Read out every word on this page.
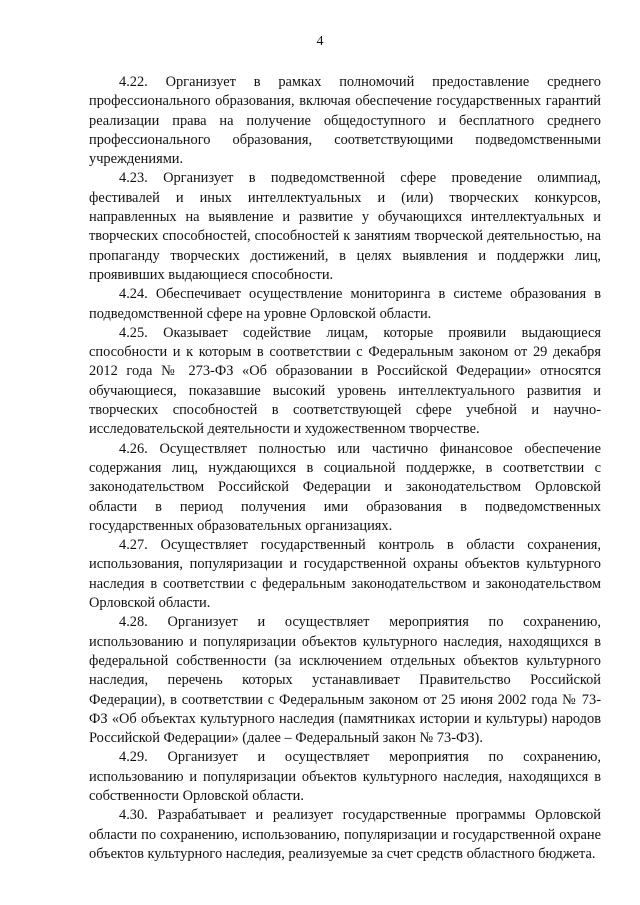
4

4.22. Организует в рамках полномочий предоставление среднего профессионального образования, включая обеспечение государственных гарантий реализации права на получение общедоступного и бесплатного среднего профессионального образования, соответствующими подведомственными учреждениями.

4.23. Организует в подведомственной сфере проведение олимпиад, фестивалей и иных интеллектуальных и (или) творческих конкурсов, направленных на выявление и развитие у обучающихся интеллектуальных и творческих способностей, способностей к занятиям творческой деятельностью, на пропаганду творческих достижений, в целях выявления и поддержки лиц, проявивших выдающиеся способности.

4.24. Обеспечивает осуществление мониторинга в системе образования в подведомственной сфере на уровне Орловской области.

4.25. Оказывает содействие лицам, которые проявили выдающиеся способности и к которым в соответствии с Федеральным законом от 29 декабря 2012 года № 273-ФЗ «Об образовании в Российской Федерации» относятся обучающиеся, показавшие высокий уровень интеллектуального развития и творческих способностей в соответствующей сфере учебной и научно-исследовательской деятельности и художественном творчестве.

4.26. Осуществляет полностью или частично финансовое обеспечение содержания лиц, нуждающихся в социальной поддержке, в соответствии с законодательством Российской Федерации и законодательством Орловской области в период получения ими образования в подведомственных государственных образовательных организациях.

4.27. Осуществляет государственный контроль в области сохранения, использования, популяризации и государственной охраны объектов культурного наследия в соответствии с федеральным законодательством и законодательством Орловской области.

4.28. Организует и осуществляет мероприятия по сохранению, использованию и популяризации объектов культурного наследия, находящихся в федеральной собственности (за исключением отдельных объектов культурного наследия, перечень которых устанавливает Правительство Российской Федерации), в соответствии с Федеральным законом от 25 июня 2002 года № 73-ФЗ «Об объектах культурного наследия (памятниках истории и культуры) народов Российской Федерации» (далее – Федеральный закон № 73-ФЗ).

4.29. Организует и осуществляет мероприятия по сохранению, использованию и популяризации объектов культурного наследия, находящихся в собственности Орловской области.

4.30. Разрабатывает и реализует государственные программы Орловской области по сохранению, использованию, популяризации и государственной охране объектов культурного наследия, реализуемые за счет средств областного бюджета.
